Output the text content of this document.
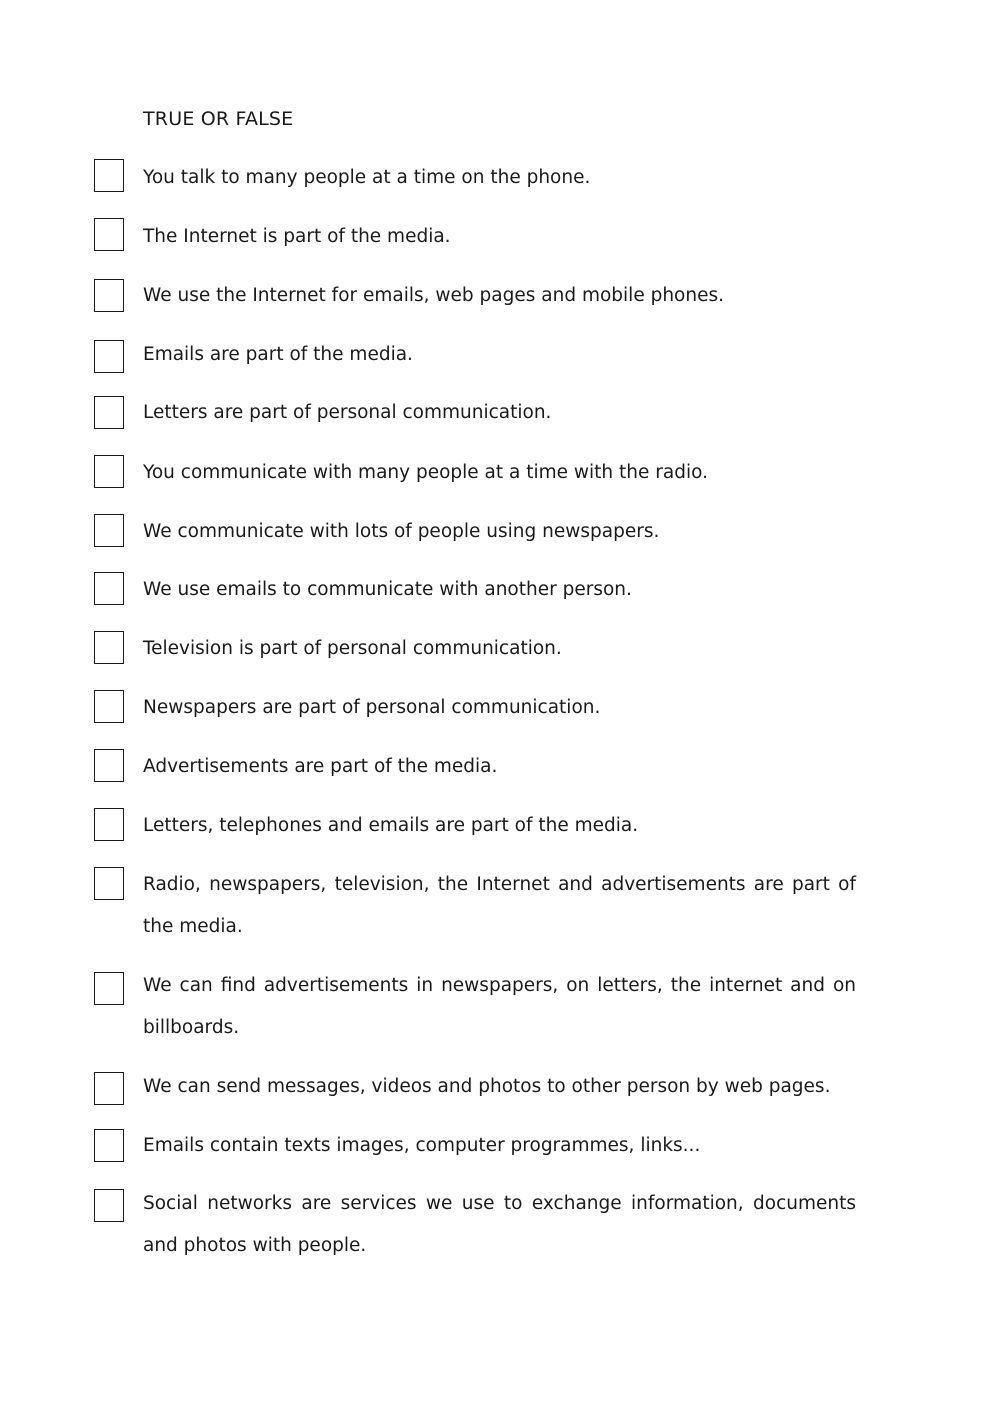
TRUE OR FALSE
You talk to many people at a time on the phone.
The Internet is part of the media.
We use the Internet for emails, web pages and mobile phones.
Emails are part of the media.
Letters are part of personal communication.
You communicate with many people at a time with the radio.
We communicate with lots of people using newspapers.
We use emails to communicate with another person.
Television is part of personal communication.
Newspapers are part of personal communication.
Advertisements are part of the media.
Letters, telephones and emails are part of the media.
Radio, newspapers, television, the Internet and advertisements are part of the media.
We can find advertisements in newspapers, on letters, the internet and on billboards.
We can send messages, videos and photos to other person by web pages.
Emails contain texts images, computer programmes, links...
Social networks are services we use to exchange information, documents and photos with people.
